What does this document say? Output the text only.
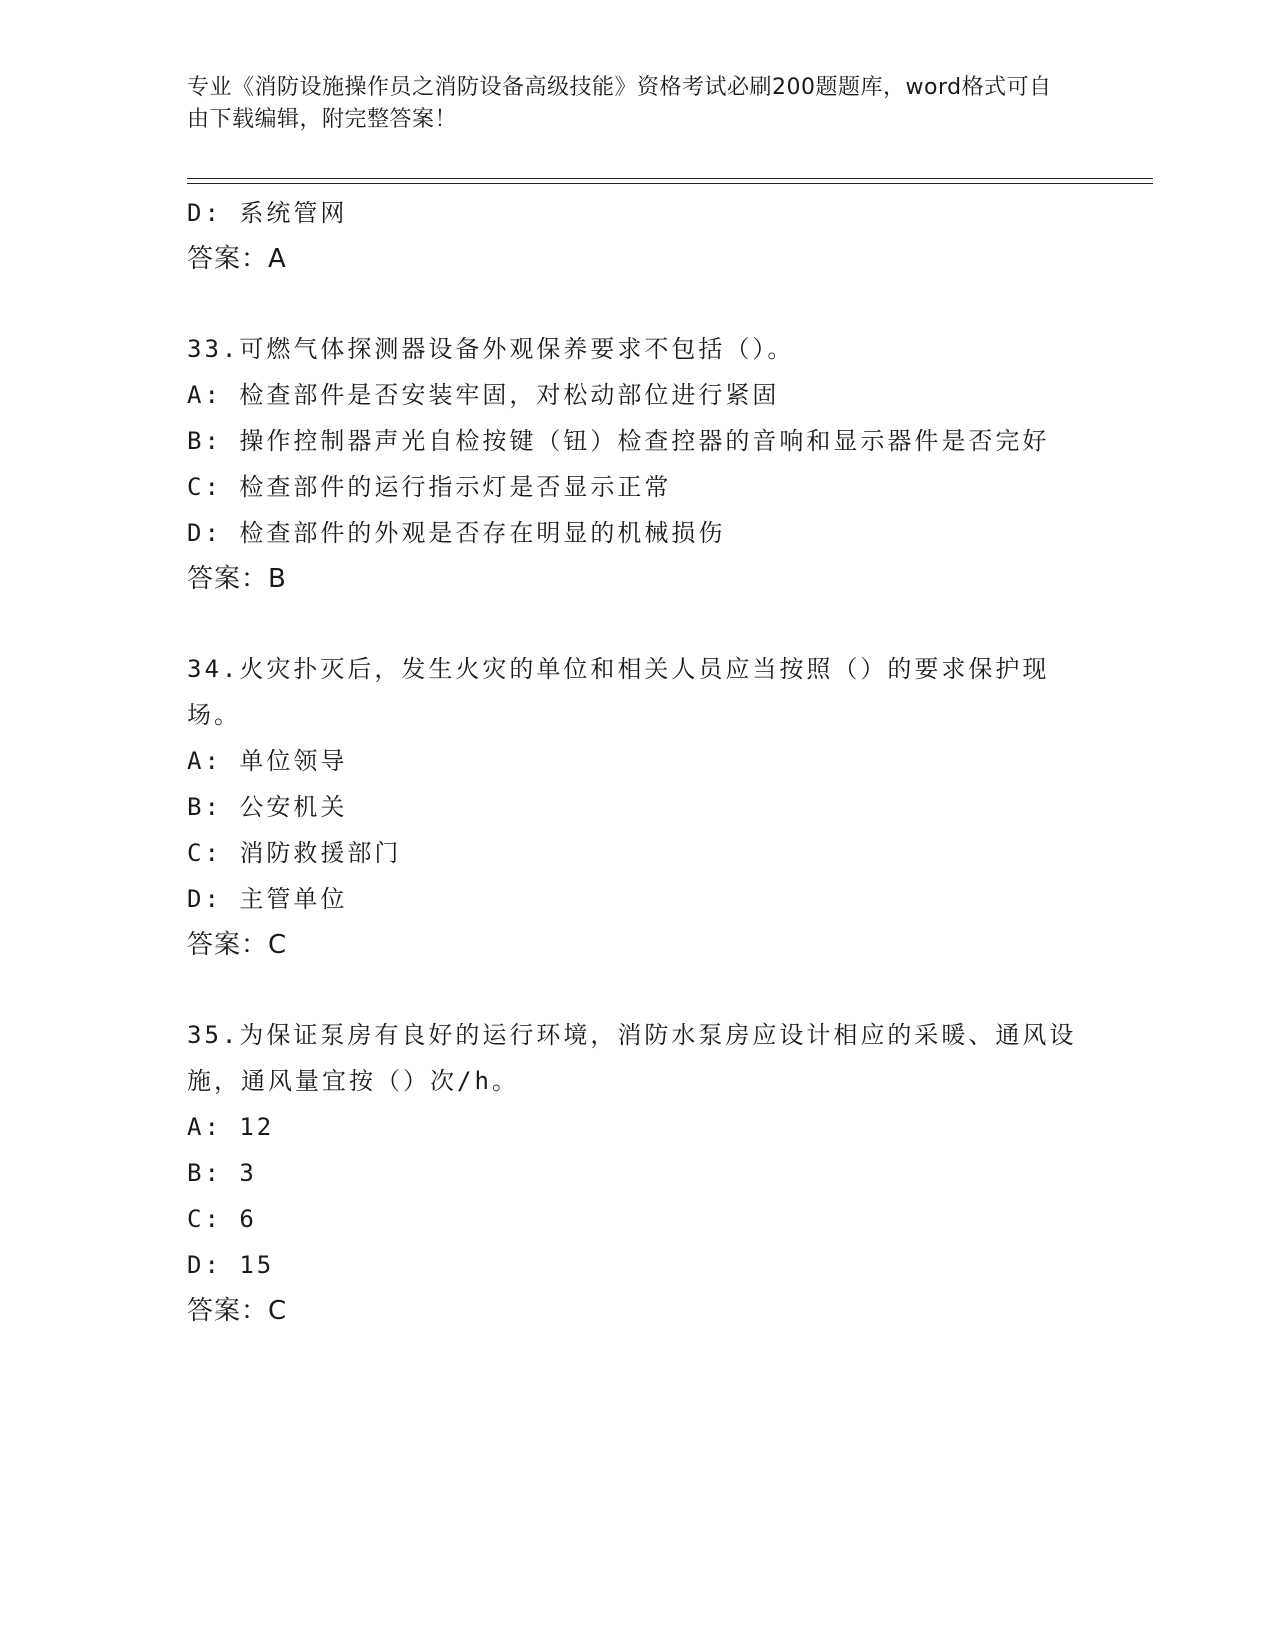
专业《消防设施操作员之消防设备高级技能》资格考试必刷200题题库，word格式可自由下载编辑，附完整答案！
D: 系统管网
答案：A
33.可燃气体探测器设备外观保养要求不包括（）。
A: 检查部件是否安装牢固，对松动部位进行紧固
B: 操作控制器声光自检按键（钮）检查控器的音响和显示器件是否完好
C: 检查部件的运行指示灯是否显示正常
D: 检查部件的外观是否存在明显的机械损伤
答案：B
34.火灾扑灭后，发生火灾的单位和相关人员应当按照（）的要求保护现场。
A: 单位领导
B: 公安机关
C: 消防救援部门
D: 主管单位
答案：C
35.为保证泵房有良好的运行环境，消防水泵房应设计相应的采暖、通风设施，通风量宜按（）次/h。
A: 12
B: 3
C: 6
D: 15
答案：C
